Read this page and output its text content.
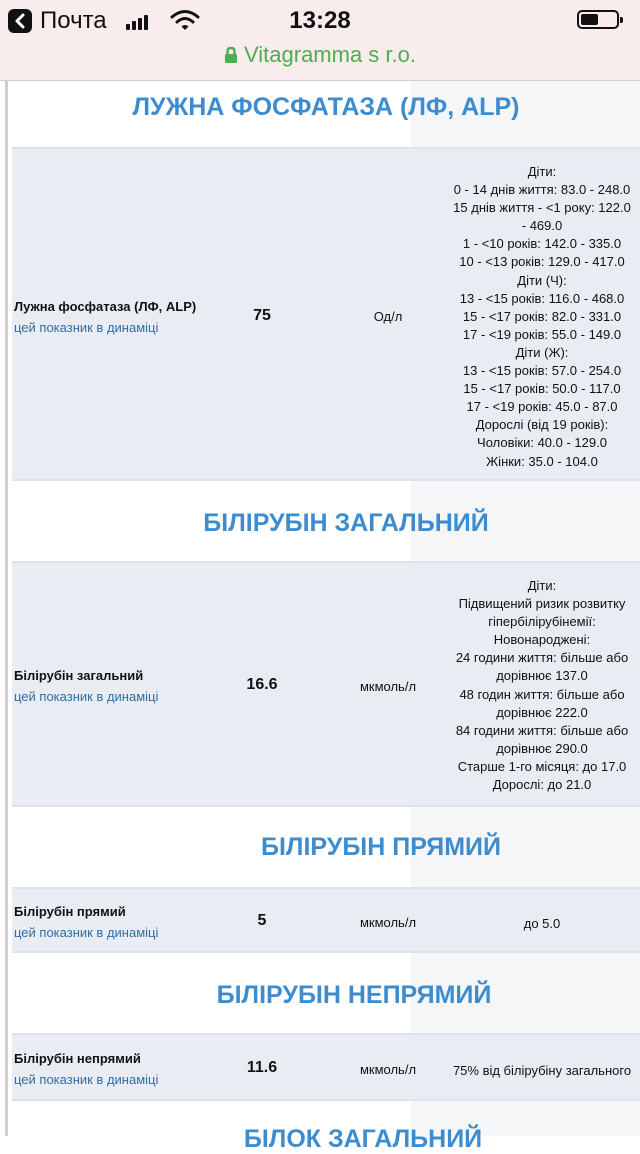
Почта	13:28
Vitagramma s r.o.
ЛУЖНА ФОСФАТАЗА (ЛФ, ALP)
Лужна фосфатаза (ЛФ, ALP)
цей показник в динаміці
75	Од/л
Діти:
0 - 14 днів життя: 83.0 - 248.0
15 днів життя - <1 року: 122.0
- 469.0
1 - <10 років: 142.0 - 335.0
10 - <13 років: 129.0 - 417.0
Діти (Ч):
13 - <15 років: 116.0 - 468.0
15 - <17 років: 82.0 - 331.0
17 - <19 років: 55.0 - 149.0
Діти (Ж):
13 - <15 років: 57.0 - 254.0
15 - <17 років: 50.0 - 117.0
17 - <19 років: 45.0 - 87.0
Дорослі (від 19 років):
Чоловіки: 40.0 - 129.0
Жінки: 35.0 - 104.0
БІЛІРУБІН ЗАГАЛЬНИЙ
Білірубін загальний
цей показник в динаміці
16.6	мкмоль/л
Діти:
Підвищений ризик розвитку
гіпербілірубінемії:
Новонароджені:
24 години життя: більше або
дорівнює 137.0
48 годин життя: більше або
дорівнює 222.0
84 години життя: більше або
дорівнює 290.0
Старше 1-го місяця: до 17.0
Дорослі: до 21.0
БІЛІРУБІН ПРЯМИЙ
Білірубін прямий
цей показник в динаміці
5	мкмоль/л	до 5.0
БІЛІРУБІН НЕПРЯМИЙ
Білірубін непрямий
цей показник в динаміці
11.6	мкмоль/л	75% від білірубіну загального
БІЛОК ЗАГАЛЬНИЙ
